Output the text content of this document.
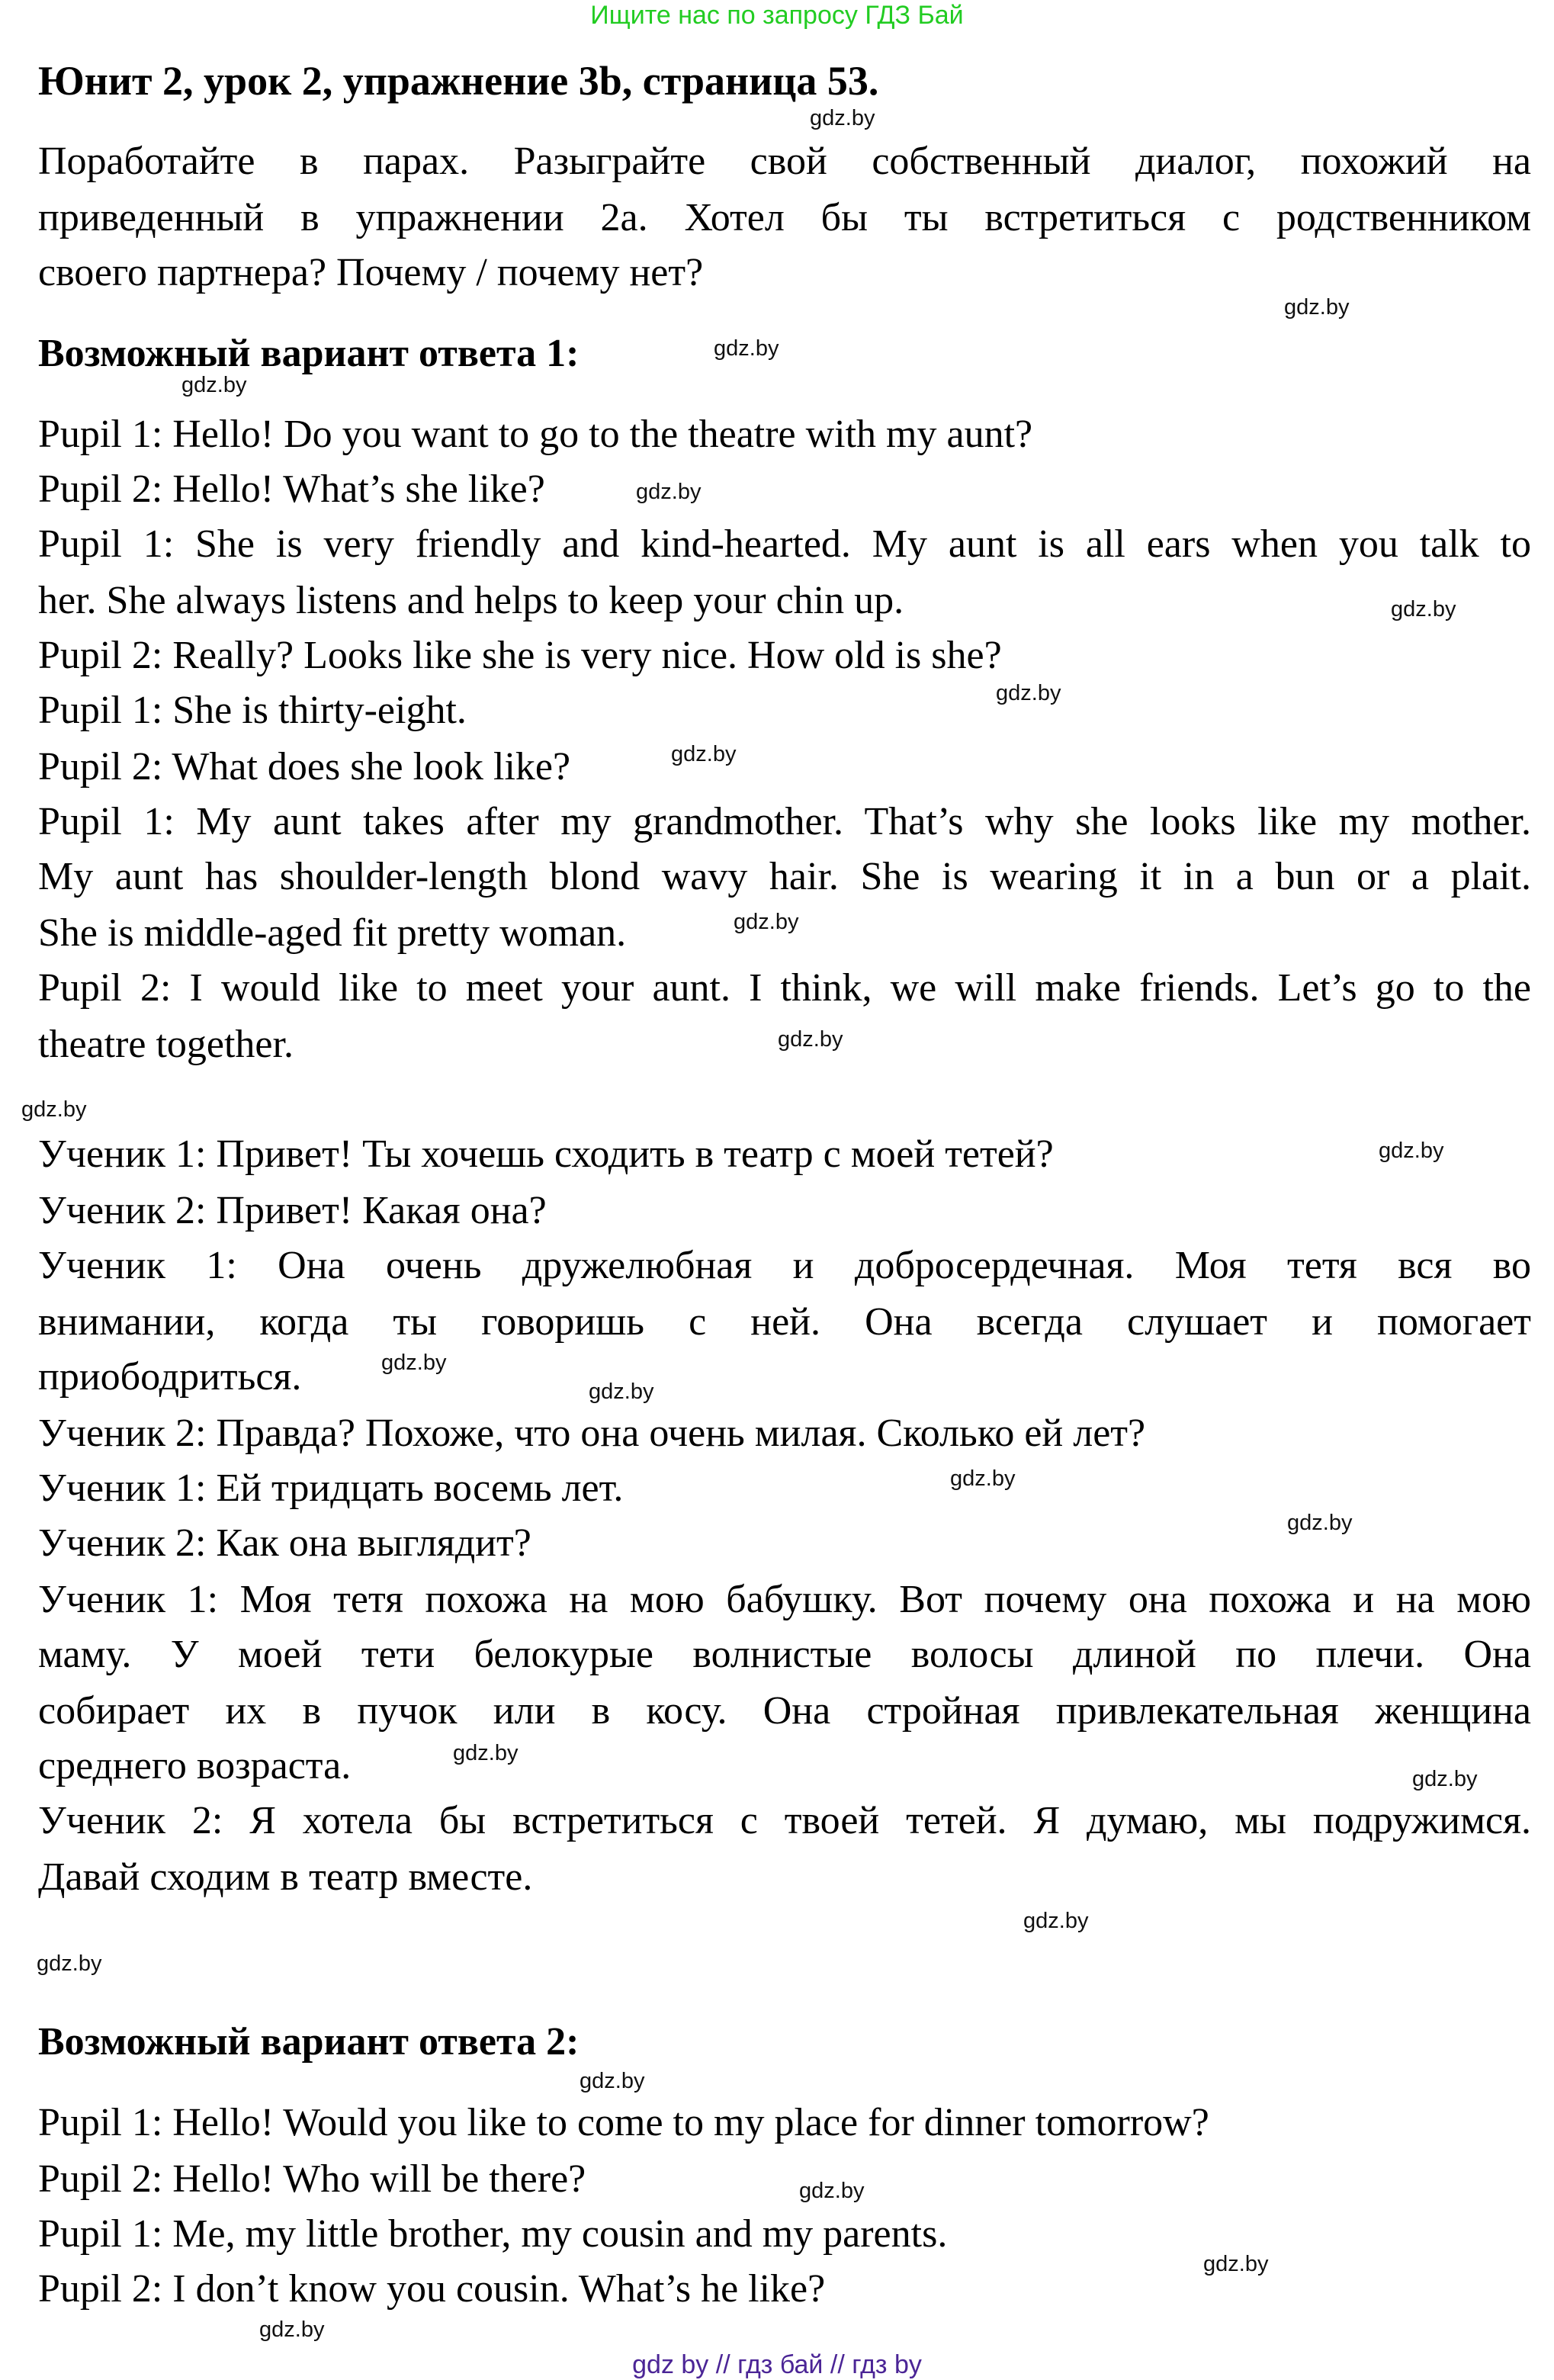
Ищите нас по запросу ГДЗ Бай
Юнит 2, урок 2, упражнение 3b, страница 53.
Поработайте в парах. Разыграйте свой собственный диалог, похожий на
приведенный в упражнении 2а. Хотел бы ты встретиться с родственником
своего партнера? Почему / почему нет?
Возможный вариант ответа 1:
Pupil 1: Hello! Do you want to go to the theatre with my aunt?
Pupil 2: Hello! What’s she like?
Pupil 1: She is very friendly and kind-hearted. My aunt is all ears when you talk to
her. She always listens and helps to keep your chin up.
Pupil 2: Really? Looks like she is very nice. How old is she?
Pupil 1: She is thirty-eight.
Pupil 2: What does she look like?
Pupil 1: My aunt takes after my grandmother. That’s why she looks like my mother.
My aunt has shoulder-length blond wavy hair. She is wearing it in a bun or a plait.
She is middle-aged fit pretty woman.
Pupil 2: I would like to meet your aunt. I think, we will make friends. Let’s go to the
theatre together.
Ученик 1: Привет! Ты хочешь сходить в театр с моей тетей?
Ученик 2: Привет! Какая она?
Ученик 1: Она очень дружелюбная и добросердечная. Моя тетя вся во
внимании, когда ты говоришь с ней. Она всегда слушает и помогает
приободриться.
Ученик 2: Правда? Похоже, что она очень милая. Сколько ей лет?
Ученик 1: Ей тридцать восемь лет.
Ученик 2: Как она выглядит?
Ученик 1: Моя тетя похожа на мою бабушку. Вот почему она похожа и на мою
маму. У моей тети белокурые волнистые волосы длиной по плечи. Она
собирает их в пучок или в косу. Она стройная привлекательная женщина
среднего возраста.
Ученик 2: Я хотела бы встретиться с твоей тетей. Я думаю, мы подружимся.
Давай сходим в театр вместе.
Возможный вариант ответа 2:
Pupil 1: Hello! Would you like to come to my place for dinner tomorrow?
Pupil 2: Hello! Who will be there?
Pupil 1: Me, my little brother, my cousin and my parents.
Pupil 2: I don’t know you cousin. What’s he like?
gdz.by
gdz.by
gdz.by
gdz.by
gdz.by
gdz.by
gdz.by
gdz.by
gdz.by
gdz.by
gdz.by
gdz.by
gdz.by
gdz.by
gdz.by
gdz.by
gdz.by
gdz.by
gdz.by
gdz.by
gdz.by
gdz.by
gdz.by
gdz.by
gdz by // гдз бай // гдз by
